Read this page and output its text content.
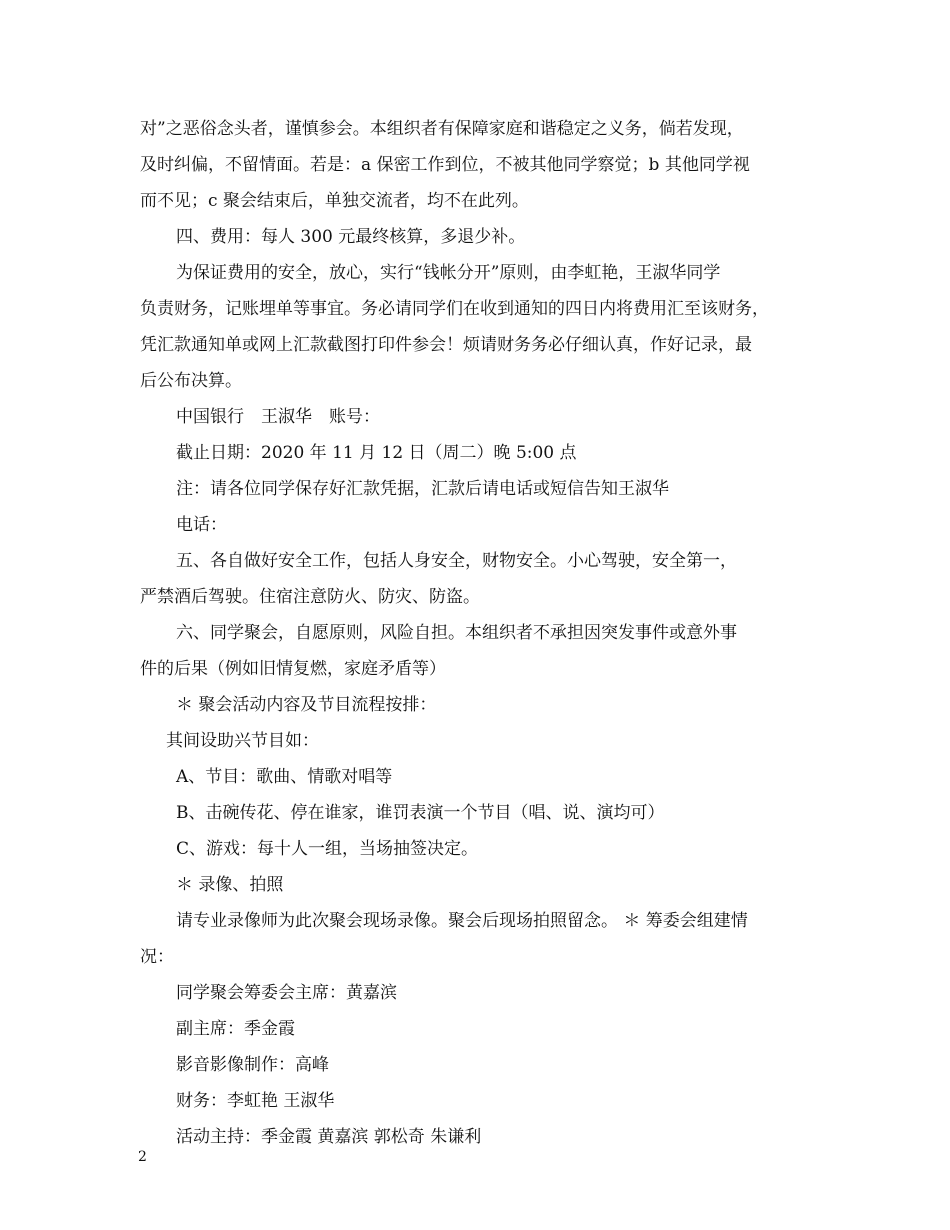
对”之恶俗念头者，谨慎参会。本组织者有保障家庭和谐稳定之义务，倘若发现，
及时纠偏，不留情面。若是：a 保密工作到位，不被其他同学察觉；b 其他同学视
而不见；c 聚会结束后，单独交流者，均不在此列。
四、费用：每人 300 元最终核算，多退少补。
为保证费用的安全，放心，实行“钱帐分开”原则，由李虹艳，王淑华同学
负责财务，记账埋单等事宜。务必请同学们在收到通知的四日内将费用汇至该财务，
凭汇款通知单或网上汇款截图打印件参会！烦请财务务必仔细认真，作好记录，最
后公布决算。
中国银行　王淑华　账号：
截止日期：2020 年 11 月 12 日（周二）晚 5:00 点
注：请各位同学保存好汇款凭据，汇款后请电话或短信告知王淑华
电话：
五、各自做好安全工作，包括人身安全，财物安全。小心驾驶，安全第一，
严禁酒后驾驶。住宿注意防火、防灾、防盗。
六、同学聚会，自愿原则，风险自担。本组织者不承担因突发事件或意外事
件的后果（例如旧情复燃，家庭矛盾等）
＊ 聚会活动内容及节目流程按排：
其间设助兴节目如：
A、节目：歌曲、情歌对唱等
B、击碗传花、停在谁家，谁罚表演一个节目（唱、说、演均可）
C、游戏：每十人一组，当场抽签决定。
＊ 录像、拍照
请专业录像师为此次聚会现场录像。聚会后现场拍照留念。 ＊ 筹委会组建情
况：
同学聚会筹委会主席：黄嘉滨
副主席：季金霞
影音影像制作：高峰
财务：李虹艳 王淑华
活动主持：季金霞 黄嘉滨 郭松奇 朱谦利
2
